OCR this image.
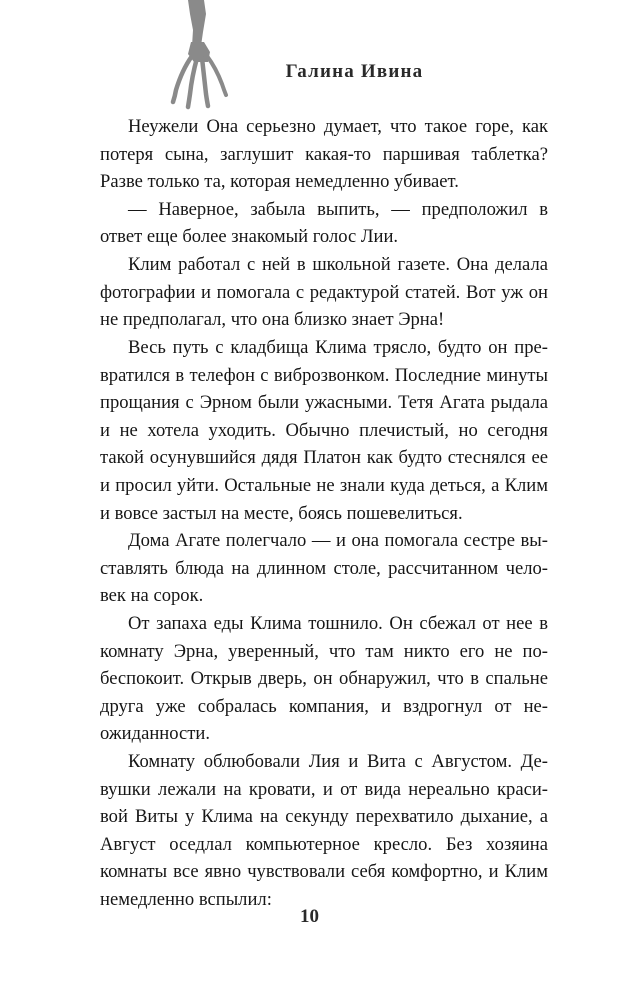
Галина Ивина

Неужели Она серьезно думает, что такое горе, как потеря сына, заглушит какая-то паршивая таблетка? Разве только та, которая немедленно убивает.

— Наверное, забыла выпить, — предположил в ответ еще более знакомый голос Лии.

Клим работал с ней в школьной газете. Она делала фотографии и помогала с редактурой статей. Вот уж он не предполагал, что она близко знает Эрна!

Весь путь с кладбища Клима трясло, будто он превратился в телефон с виброзвонком. Последние минуты прощания с Эрном были ужасными. Тетя Агата рыдала и не хотела уходить. Обычно плечистый, но сегодня такой осунувшийся дядя Платон как будто стеснялся ее и просил уйти. Остальные не знали куда деться, а Клим и вовсе застыл на месте, боясь пошевелиться.

Дома Агате полегчало — и она помогала сестре выставлять блюда на длинном столе, рассчитанном человек на сорок.

От запаха еды Клима тошнило. Он сбежал от нее в комнату Эрна, уверенный, что там никто его не побеспокоит. Открыв дверь, он обнаружил, что в спальне друга уже собралась компания, и вздрогнул от неожиданности.

Комнату облюбовали Лия и Вита с Августом. Девушки лежали на кровати, и от вида нереально красивой Виты у Клима на секунду перехватило дыхание, а Август оседлал компьютерное кресло. Без хозяина комнаты все явно чувствовали себя комфортно, и Клим немедленно вспылил:

10
